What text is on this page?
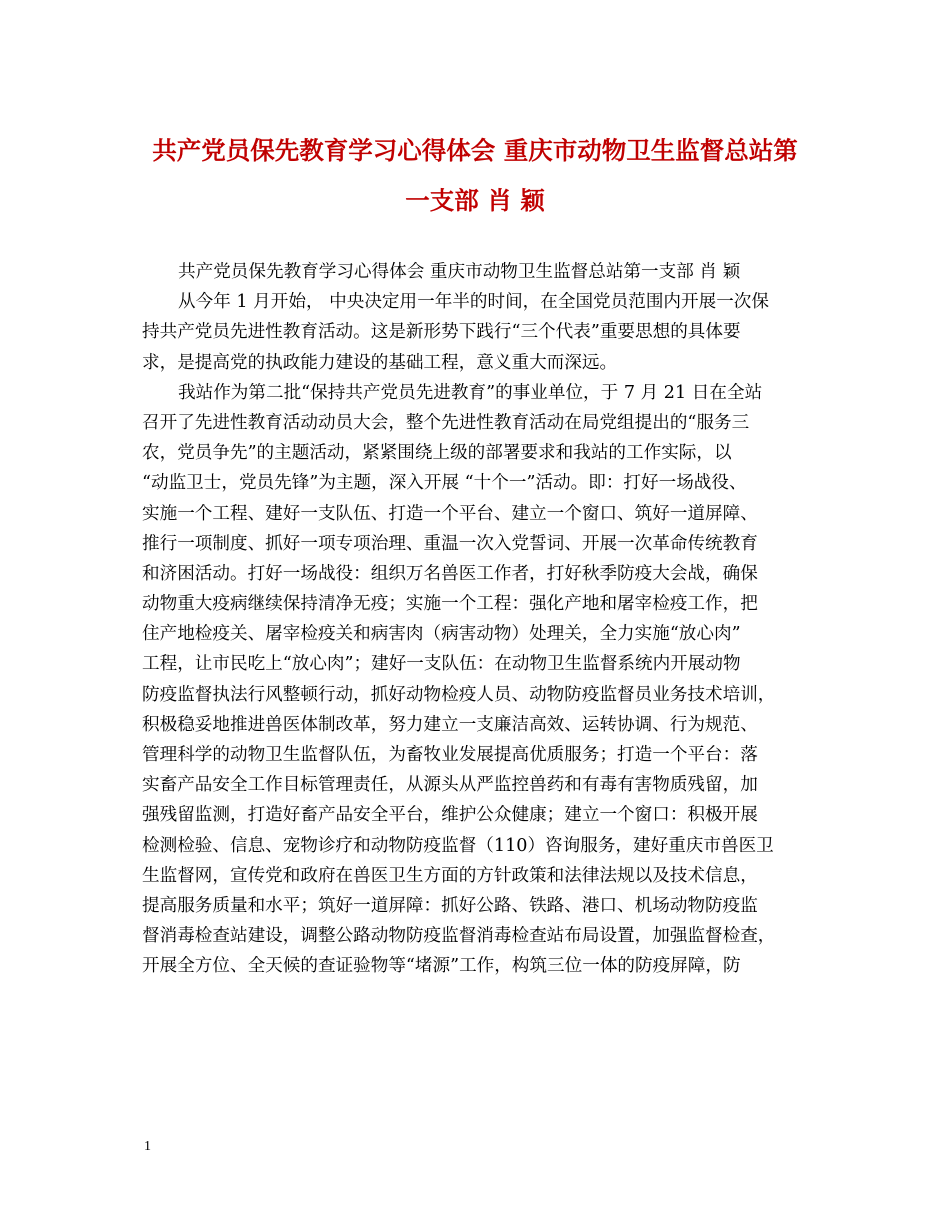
共产党员保先教育学习心得体会 重庆市动物卫生监督总站第
一支部 肖 颖
共产党员保先教育学习心得体会 重庆市动物卫生监督总站第一支部 肖 颖
从今年 1 月开始， 中央决定用一年半的时间，在全国党员范围内开展一次保
持共产党员先进性教育活动。这是新形势下践行“三个代表”重要思想的具体要
求，是提高党的执政能力建设的基础工程，意义重大而深远。
我站作为第二批“保持共产党员先进教育”的事业单位，于 7 月 21 日在全站
召开了先进性教育活动动员大会，整个先进性教育活动在局党组提出的“服务三
农，党员争先”的主题活动，紧紧围绕上级的部署要求和我站的工作实际，以
“动监卫士，党员先锋”为主题，深入开展 “十个一”活动。即：打好一场战役、
实施一个工程、建好一支队伍、打造一个平台、建立一个窗口、筑好一道屏障、
推行一项制度、抓好一项专项治理、重温一次入党誓词、开展一次革命传统教育
和济困活动。打好一场战役：组织万名兽医工作者，打好秋季防疫大会战，确保
动物重大疫病继续保持清净无疫；实施一个工程：强化产地和屠宰检疫工作，把
住产地检疫关、屠宰检疫关和病害肉（病害动物）处理关，全力实施“放心肉”
工程，让市民吃上“放心肉”；建好一支队伍：在动物卫生监督系统内开展动物
防疫监督执法行风整顿行动，抓好动物检疫人员、动物防疫监督员业务技术培训，
积极稳妥地推进兽医体制改革，努力建立一支廉洁高效、运转协调、行为规范、
管理科学的动物卫生监督队伍，为畜牧业发展提高优质服务；打造一个平台：落
实畜产品安全工作目标管理责任，从源头从严监控兽药和有毒有害物质残留，加
强残留监测，打造好畜产品安全平台，维护公众健康；建立一个窗口：积极开展
检测检验、信息、宠物诊疗和动物防疫监督（110）咨询服务，建好重庆市兽医卫
生监督网，宣传党和政府在兽医卫生方面的方针政策和法律法规以及技术信息，
提高服务质量和水平；筑好一道屏障：抓好公路、铁路、港口、机场动物防疫监
督消毒检查站建设，调整公路动物防疫监督消毒检查站布局设置，加强监督检查，
开展全方位、全天候的查证验物等“堵源”工作，构筑三位一体的防疫屏障，防
1
